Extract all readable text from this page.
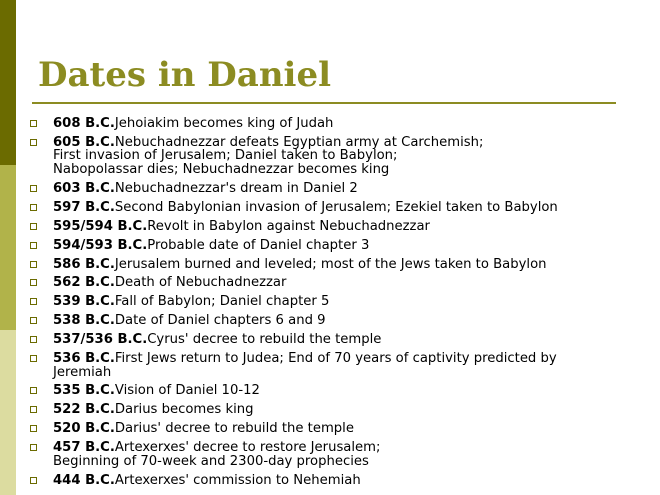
Dates in Daniel
608 B.C.Jehoiakim becomes king of Judah
605 B.C.Nebuchadnezzar defeats Egyptian army at Carchemish;
First invasion of Jerusalem; Daniel taken to Babylon;
Nabopolassar dies; Nebuchadnezzar becomes king
603 B.C.Nebuchadnezzar's dream in Daniel 2
597 B.C.Second Babylonian invasion of Jerusalem; Ezekiel taken to Babylon
595/594 B.C.Revolt in Babylon against Nebuchadnezzar
594/593 B.C.Probable date of Daniel chapter 3
586 B.C.Jerusalem burned and leveled; most of the Jews taken to Babylon
562 B.C.Death of Nebuchadnezzar
539 B.C.Fall of Babylon; Daniel chapter 5
538 B.C.Date of Daniel chapters 6 and 9
537/536 B.C.Cyrus' decree to rebuild the temple
536 B.C.First Jews return to Judea; End of 70 years of captivity predicted by
Jeremiah
535 B.C.Vision of Daniel 10-12
522 B.C.Darius becomes king
520 B.C.Darius' decree to rebuild the temple
457 B.C.Artexerxes' decree to restore Jerusalem;
Beginning of 70-week and 2300-day prophecies
444 B.C.Artexerxes' commission to Nehemiah
